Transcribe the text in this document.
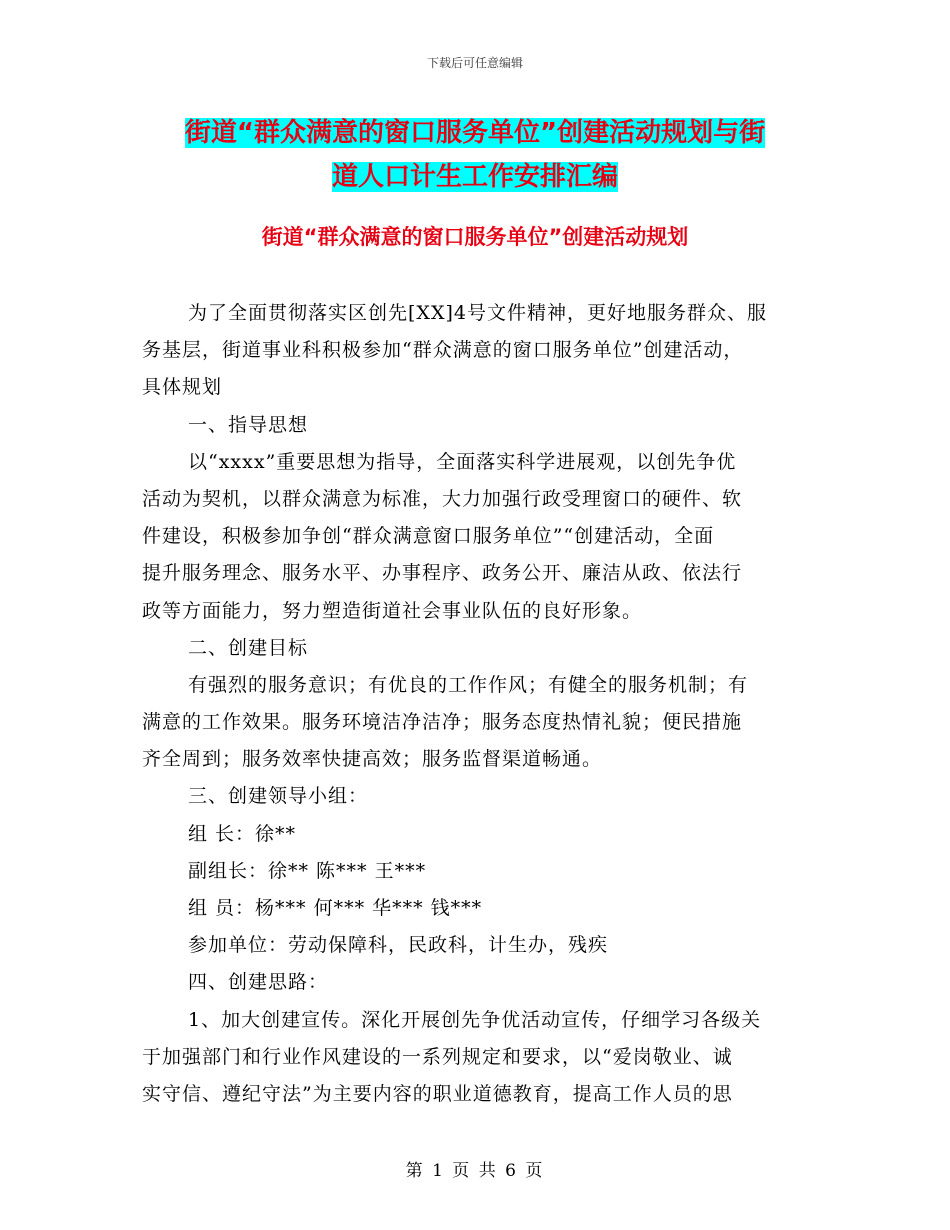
下载后可任意编辑
街道“群众满意的窗口服务单位”创建活动规划与街
道人口计生工作安排汇编
街道“群众满意的窗口服务单位”创建活动规划
为了全面贯彻落实区创先[XX]4号文件精神，更好地服务群众、服
务基层，街道事业科积极参加“群众满意的窗口服务单位”创建活动，
具体规划
一、指导思想
以“xxxx”重要思想为指导，全面落实科学进展观，以创先争优
活动为契机，以群众满意为标准，大力加强行政受理窗口的硬件、软
件建设，积极参加争创“群众满意窗口服务单位”“创建活动，全面
提升服务理念、服务水平、办事程序、政务公开、廉洁从政、依法行
政等方面能力，努力塑造街道社会事业队伍的良好形象。
二、创建目标
有强烈的服务意识；有优良的工作作风；有健全的服务机制；有
满意的工作效果。服务环境洁净洁净；服务态度热情礼貌；便民措施
齐全周到；服务效率快捷高效；服务监督渠道畅通。
三、创建领导小组：
组 长：徐**
副组长：徐** 陈*** 王***
组 员：杨*** 何*** 华*** 钱***
参加单位：劳动保障科，民政科，计生办，残疾
四、创建思路：
1、加大创建宣传。深化开展创先争优活动宣传，仔细学习各级关
于加强部门和行业作风建设的一系列规定和要求，以“爱岗敬业、诚
实守信、遵纪守法”为主要内容的职业道德教育，提高工作人员的思
第 1 页 共 6 页
